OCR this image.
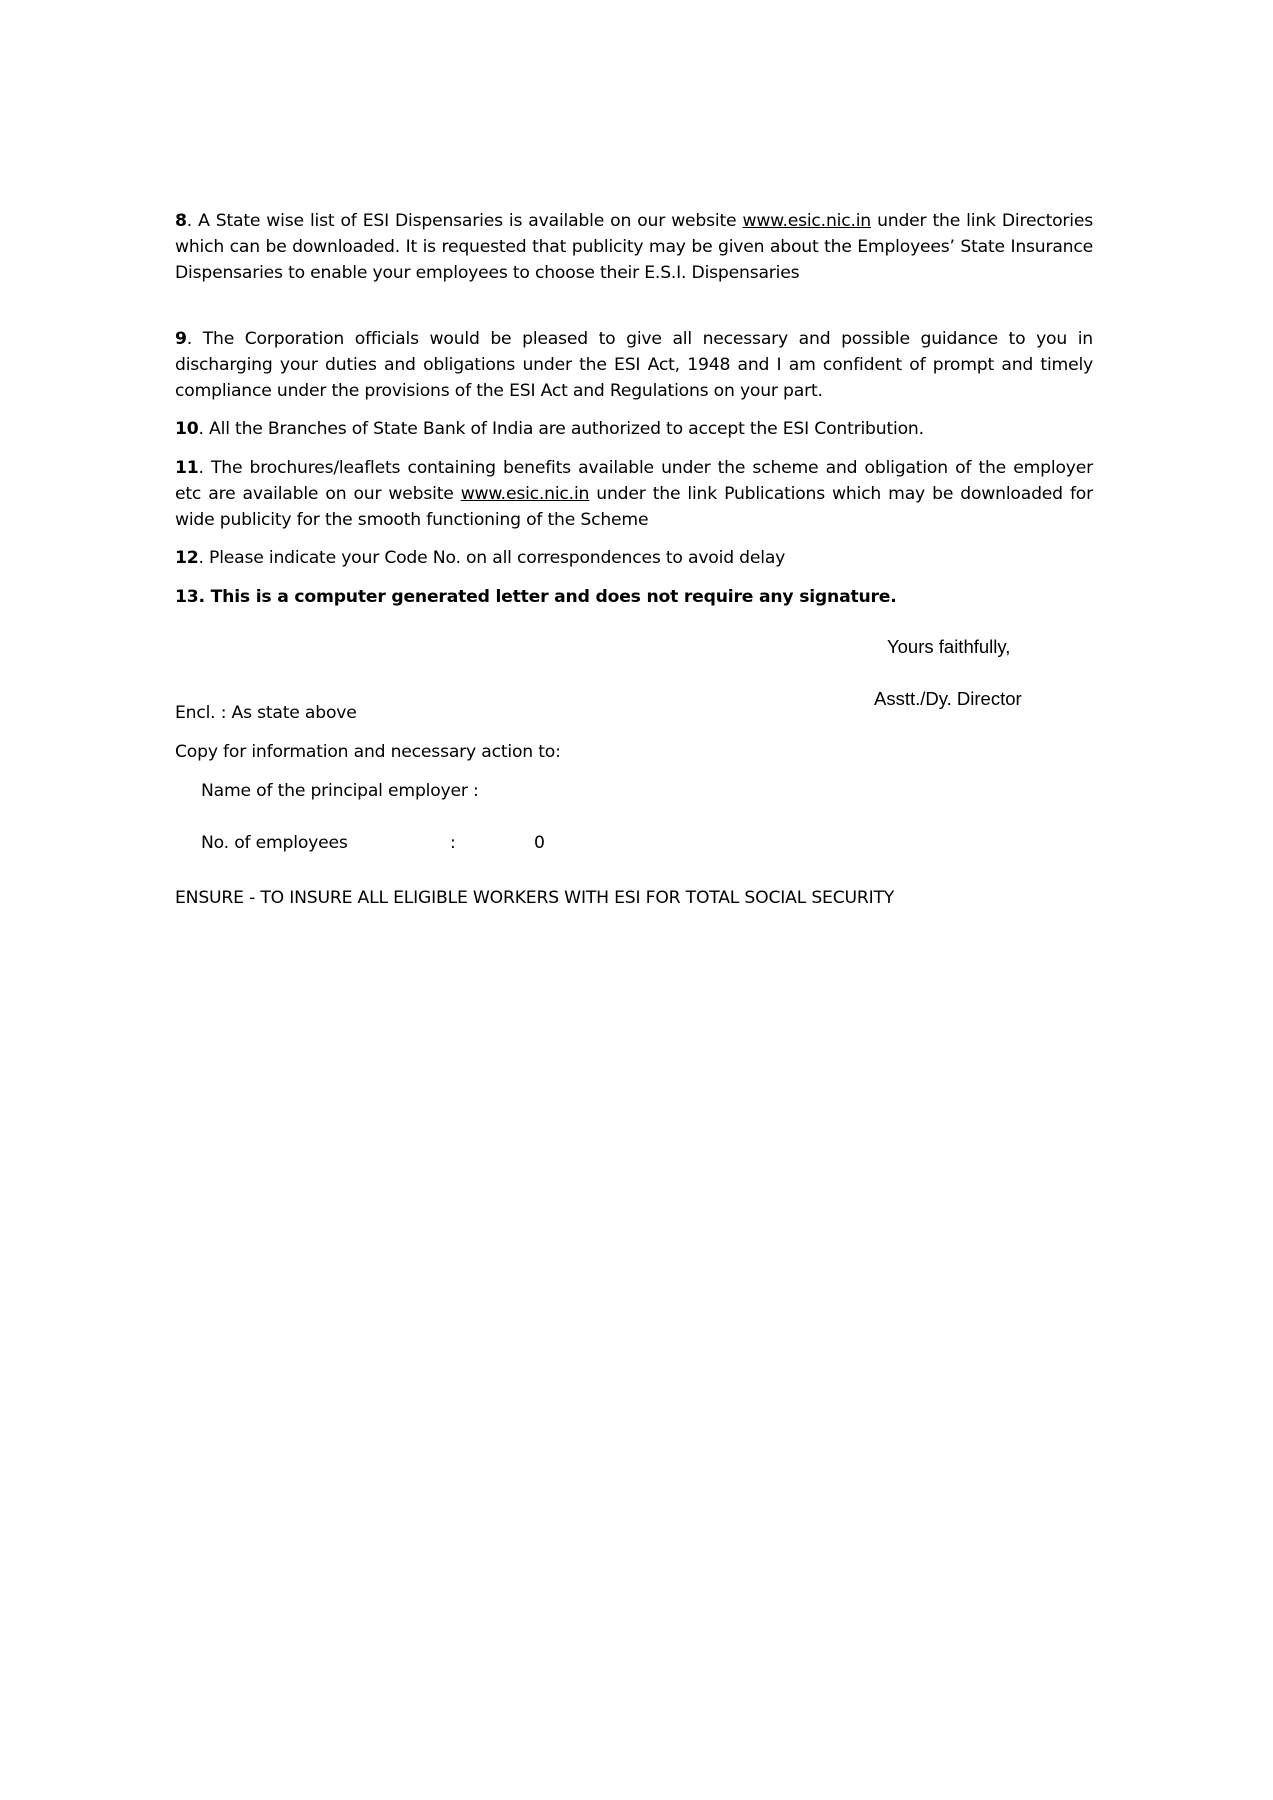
8. A State wise list of ESI Dispensaries is available on our website www.esic.nic.in under the link Directories which can be downloaded. It is requested that publicity may be given about the Employees’ State Insurance Dispensaries to enable your employees to choose their E.S.I. Dispensaries
9. The Corporation officials would be pleased to give all necessary and possible guidance to you in discharging your duties and obligations under the ESI Act, 1948 and I am confident of prompt and timely compliance under the provisions of the ESI Act and Regulations on your part.
10. All the Branches of State Bank of India are authorized to accept the ESI Contribution.
11. The brochures/leaflets containing benefits available under the scheme and obligation of the employer etc are available on our website www.esic.nic.in under the link Publications which may be downloaded for wide publicity for the smooth functioning of the Scheme
12. Please indicate your Code No. on all correspondences to avoid delay
13. This is a computer generated letter and does not require any signature.
Yours faithfully,
Asstt./Dy. Director
Encl. : As state above
Copy for information and necessary action to:
Name of the principal employer :
No. of employees	:	0
ENSURE - TO INSURE ALL ELIGIBLE WORKERS WITH ESI FOR TOTAL SOCIAL SECURITY
